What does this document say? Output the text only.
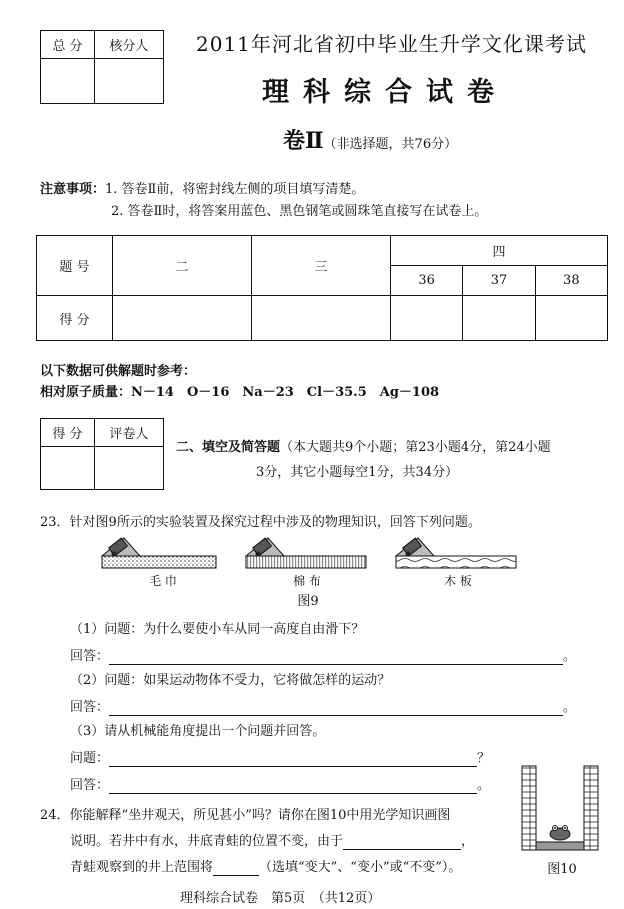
总 分	核分人
	2011年河北省初中毕业生升学文化课考试
理科综合试卷
卷Ⅱ（非选择题，共76分）
注意事项：1. 答卷Ⅱ前，将密封线左侧的项目填写清楚。
2. 答卷Ⅱ时，将答案用蓝色、黑色钢笔或圆珠笔直接写在试卷上。
题 号	二	三	四		
			36	37	38
得 分					
以下数据可供解题时参考：
相对原子质量：N－14　O－16　Na－23　Cl－35.5　Ag－108
得 分	评卷人

二、填空及简答题（本大题共9个小题；第23小题4分，第24小题
3分，其它小题每空1分，共34分）
23．针对图9所示的实验装置及探究过程中涉及的物理知识，回答下列问题。
毛 巾	棉 布	木 板
图9
（1）问题：为什么要使小车从同一高度自由滑下？
回答：	。
（2）问题：如果运动物体不受力，它将做怎样的运动？
回答：	。
（3）请从机械能角度提出一个问题并回答。
问题：	？
回答：	。
24．你能解释“坐井观天，所见甚小”吗？请你在图10中用光学知识画图
说明。若井中有水，井底青蛙的位置不变，由于	，
青蛙观察到的井上范围将	（选填“变大”、“变小”或“不变”）。	图10
理科综合试卷　第5页　（共12页）
